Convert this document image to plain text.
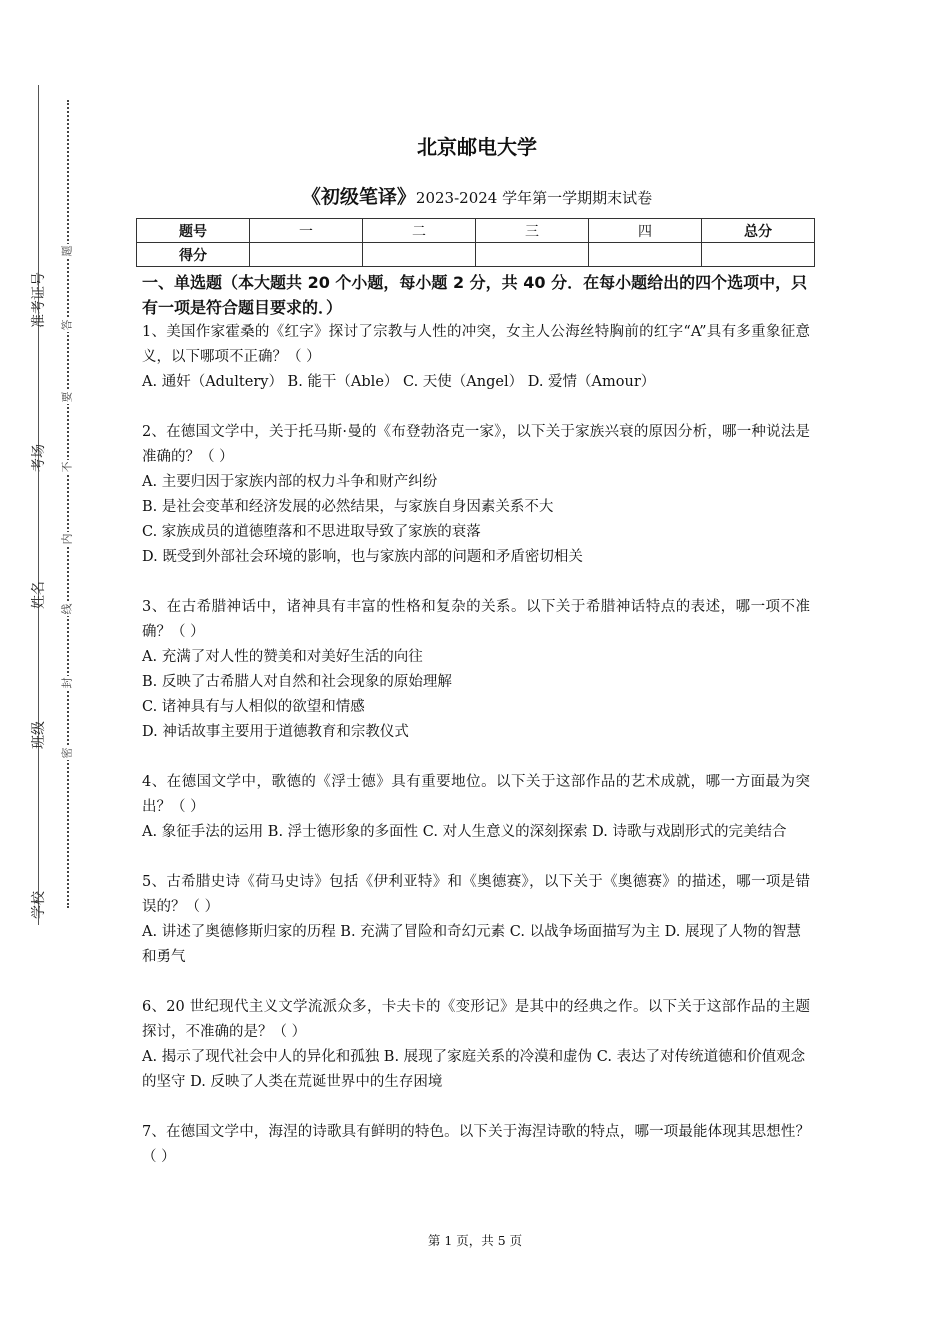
准考证号
考场
姓名
班级
学校
题
答
要
不
内
线
封
密
北京邮电大学
《初级笔译》2023-2024 学年第一学期期末试卷
题号	一	二	三	四	总分
得分					
一、单选题（本大题共 20 个小题，每小题 2 分，共 40 分．在每小题给出的四个选项中，只有一项是符合题目要求的．）
1、美国作家霍桑的《红字》探讨了宗教与人性的冲突，女主人公海丝特胸前的红字“A”具有多重象征意义，以下哪项不正确？（ ）
A. 通奸（Adultery） B. 能干（Able） C. 天使（Angel） D. 爱情（Amour）
2、在德国文学中，关于托马斯·曼的《布登勃洛克一家》，以下关于家族兴衰的原因分析，哪一种说法是准确的？（ ）
A. 主要归因于家族内部的权力斗争和财产纠纷
B. 是社会变革和经济发展的必然结果，与家族自身因素关系不大
C. 家族成员的道德堕落和不思进取导致了家族的衰落
D. 既受到外部社会环境的影响，也与家族内部的问题和矛盾密切相关
3、在古希腊神话中，诸神具有丰富的性格和复杂的关系。以下关于希腊神话特点的表述，哪一项不准确？（ ）
A. 充满了对人性的赞美和对美好生活的向往
B. 反映了古希腊人对自然和社会现象的原始理解
C. 诸神具有与人相似的欲望和情感
D. 神话故事主要用于道德教育和宗教仪式
4、在德国文学中，歌德的《浮士德》具有重要地位。以下关于这部作品的艺术成就，哪一方面最为突出？（ ）
A. 象征手法的运用 B. 浮士德形象的多面性 C. 对人生意义的深刻探索 D. 诗歌与戏剧形式的完美结合
5、古希腊史诗《荷马史诗》包括《伊利亚特》和《奥德赛》，以下关于《奥德赛》的描述，哪一项是错误的？（ ）
A. 讲述了奥德修斯归家的历程 B. 充满了冒险和奇幻元素 C. 以战争场面描写为主 D. 展现了人物的智慧和勇气
6、20 世纪现代主义文学流派众多，卡夫卡的《变形记》是其中的经典之作。以下关于这部作品的主题探讨，不准确的是？（ ）
A. 揭示了现代社会中人的异化和孤独 B. 展现了家庭关系的冷漠和虚伪 C. 表达了对传统道德和价值观念的坚守 D. 反映了人类在荒诞世界中的生存困境
7、在德国文学中，海涅的诗歌具有鲜明的特色。以下关于海涅诗歌的特点，哪一项最能体现其思想性？（ ）
第 1 页，共 5 页
